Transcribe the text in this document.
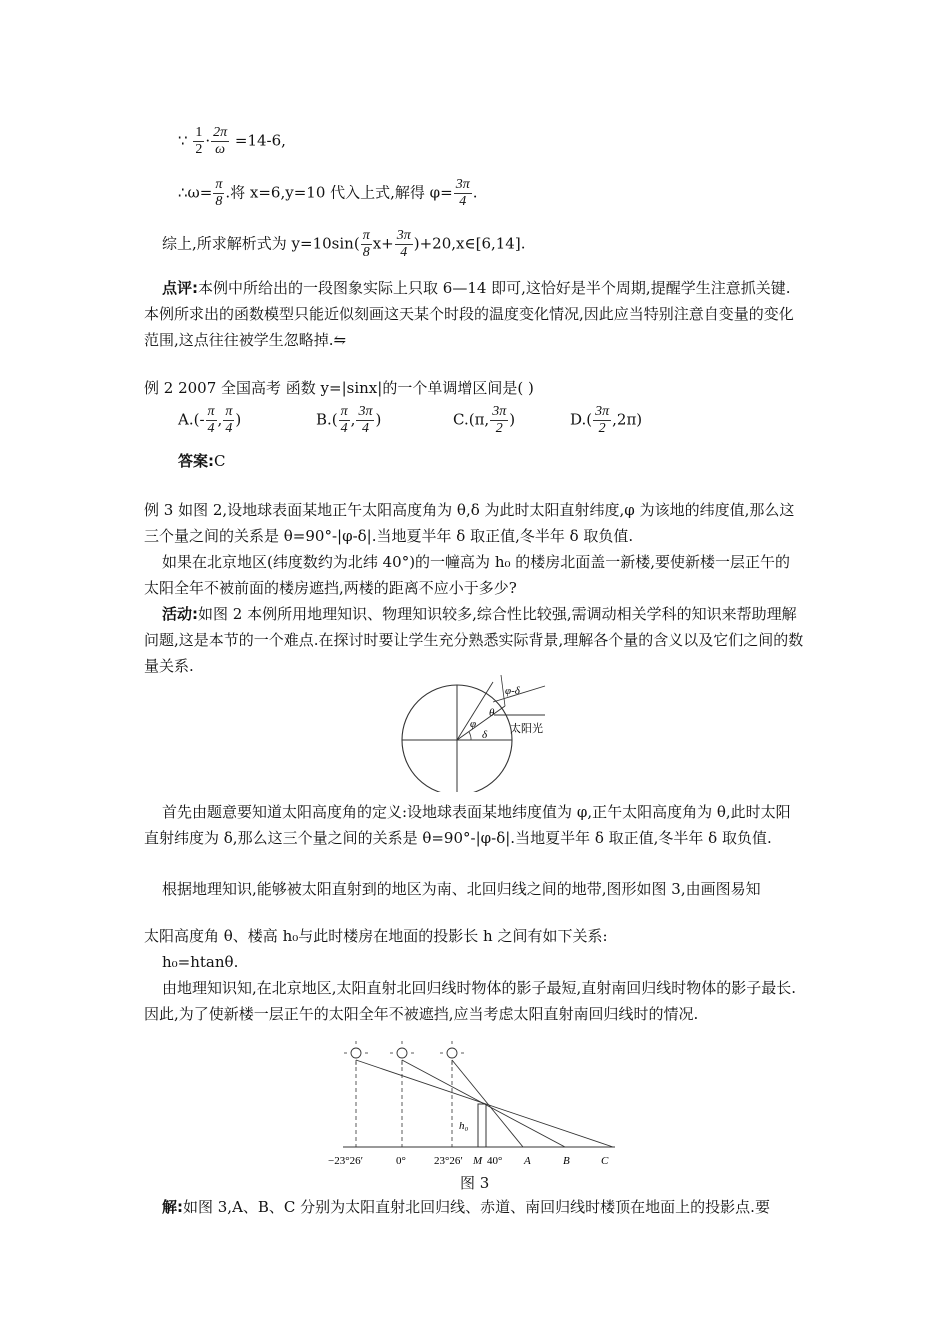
∵ $\frac{1}{2} \cdot \frac{2\pi}{\omega} =14-6$,
∴ω= $\frac{\pi}{8}$ .将 x=6,y=10 代入上式,解得 $\varphi= \frac{3\pi}{4}$ .
综上,所求解析式为 $y=10\sin( \frac{\pi}{8} x+ \frac{3\pi}{4}$ )+20,x∈[6,14].
点评:本例中所给出的一段图象实际上只取 6—14 即可,这恰好是半个周期,提醒学生注意抓关键.本例所求出的函数模型只能近似刻画这天某个时段的温度变化情况,因此应当特别注意自变量的变化范围,这点往往被学生忽略掉.⇋
例 2 2007 全国高考 函数 y=|sinx|的一个单调增区间是( )
$A.(- \frac{\pi}{4}$ , $\frac{\pi}{4}$ )	$B.( \frac{\pi}{4}$ , $\frac{3\pi}{4}$ )	C.(π, $\frac{3\pi}{2}$ )	$D.( \frac{3\pi}{2} ,2\pi)$
答案:C
例 3 如图 2,设地球表面某地正午太阳高度角为 θ,δ 为此时太阳直射纬度,φ 为该地的纬度值,那么这三个量之间的关系是 θ=90°-|φ-δ|.当地夏半年 δ 取正值,冬半年 δ 取负值.
如果在北京地区(纬度数约为北纬 40°)的一幢高为 h₀ 的楼房北面盖一新楼,要使新楼一层正午的太阳全年不被前面的楼房遮挡,两楼的距离不应小于多少?
活动:如图 2 本例所用地理知识、物理知识较多,综合性比较强,需调动相关学科的知识来帮助理解问题,这是本节的一个难点.在探讨时要让学生充分熟悉实际背景,理解各个量的含义以及它们之间的数量关系.
φ-δ
θ
φ
δ 太阳光
首先由题意要知道太阳高度角的定义:设地球表面某地纬度值为 φ,正午太阳高度角为 θ,此时太阳直射纬度为 δ,那么这三个量之间的关系是 θ=90°-|φ-δ|.当地夏半年 δ 取正值,冬半年 δ 取负值.
根据地理知识,能够被太阳直射到的地区为南、北回归线之间的地带,图形如图 3,由画图易知
太阳高度角 θ、楼高 h₀与此时楼房在地面的投影长 h 之间有如下关系:
h₀=htanθ.
由地理知识知,在北京地区,太阳直射北回归线时物体的影子最短,直射南回归线时物体的影子最长.因此,为了使新楼一层正午的太阳全年不被遮挡,应当考虑太阳直射南回归线时的情况.
h₀
−23°26′	0°	23°26′ M 40° A	B	C
图 3
解:如图 3,A、B、C 分别为太阳直射北回归线、赤道、南回归线时楼顶在地面上的投影点.要
